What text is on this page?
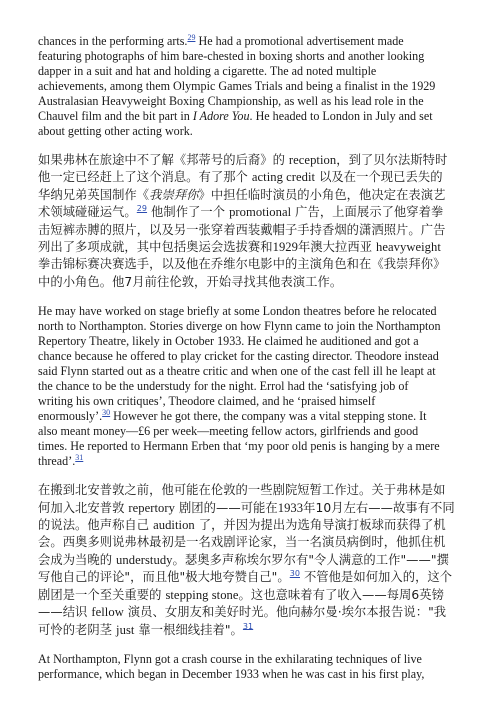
chances in the performing arts.$^{29}$ He had a promotional advertisement made
featuring photographs of him bare-chested in boxing shorts and another looking
dapper in a suit and hat and holding a cigarette. The ad noted multiple
achievements, among them Olympic Games Trials and being a finalist in the 1929
Australasian Heavyweight Boxing Championship, as well as his lead role in the
Chauvel film and the bit part in I Adore You. He headed to London in July and set
about getting other acting work.

如果弗林在旅途中不了解《邦蒂号的后裔》的 reception，到了贝尔法斯特时
他一定已经赶上了这个消息。有了那个 acting credit 以及在一个现已丢失的
华纳兄弟英国制作《我崇拜你》中担任临时演员的小角色，他决定在表演艺
术领域碰碰运气。$^{29}$ 他制作了一个 promotional 广告，上面展示了他穿着拳
击短裤赤膊的照片，以及另一张穿着西装戴帽子手持香烟的潇洒照片。广告
列出了多项成就，其中包括奥运会选拔赛和1929年澳大拉西亚 heavyweight
拳击锦标赛决赛选手，以及他在乔维尔电影中的主演角色和在《我崇拜你》
中的小角色。他7月前往伦敦，开始寻找其他表演工作。

He may have worked on stage briefly at some London theatres before he relocated
north to Northampton. Stories diverge on how Flynn came to join the Northampton
Repertory Theatre, likely in October 1933. He claimed he auditioned and got a
chance because he offered to play cricket for the casting director. Theodore instead
said Flynn started out as a theatre critic and when one of the cast fell ill he leapt at
the chance to be the understudy for the night. Errol had the ‘satisfying job of
writing his own critiques’, Theodore claimed, and he ‘praised himself
enormously’.$^{30}$ However he got there, the company was a vital stepping stone. It
also meant money—£6 per week—meeting fellow actors, girlfriends and good
times. He reported to Hermann Erben that ‘my poor old penis is hanging by a mere
thread’.$^{31}$

在搬到北安普敦之前，他可能在伦敦的一些剧院短暂工作过。关于弗林是如
何加入北安普敦 repertory 剧团的——可能在1933年10月左右——故事有不同
的说法。他声称自己 audition 了，并因为提出为选角导演打板球而获得了机
会。西奥多则说弗林最初是一名戏剧评论家，当一名演员病倒时，他抓住机
会成为当晚的 understudy。瑟奥多声称埃尔罗尔有"令人满意的工作"——"撰
写他自己的评论"，而且他"极大地夸赞自己"。$^{30}$ 不管他是如何加入的，这个
剧团是一个至关重要的 stepping stone。这也意味着有了收入——每周6英镑
——结识 fellow 演员、女朋友和美好时光。他向赫尔曼·埃尔本报告说："我
可怜的老阴茎 just 靠一根细线挂着"。$^{31}$

At Northampton, Flynn got a crash course in the exhilarating techniques of live
performance, which began in December 1933 when he was cast in his first play,
